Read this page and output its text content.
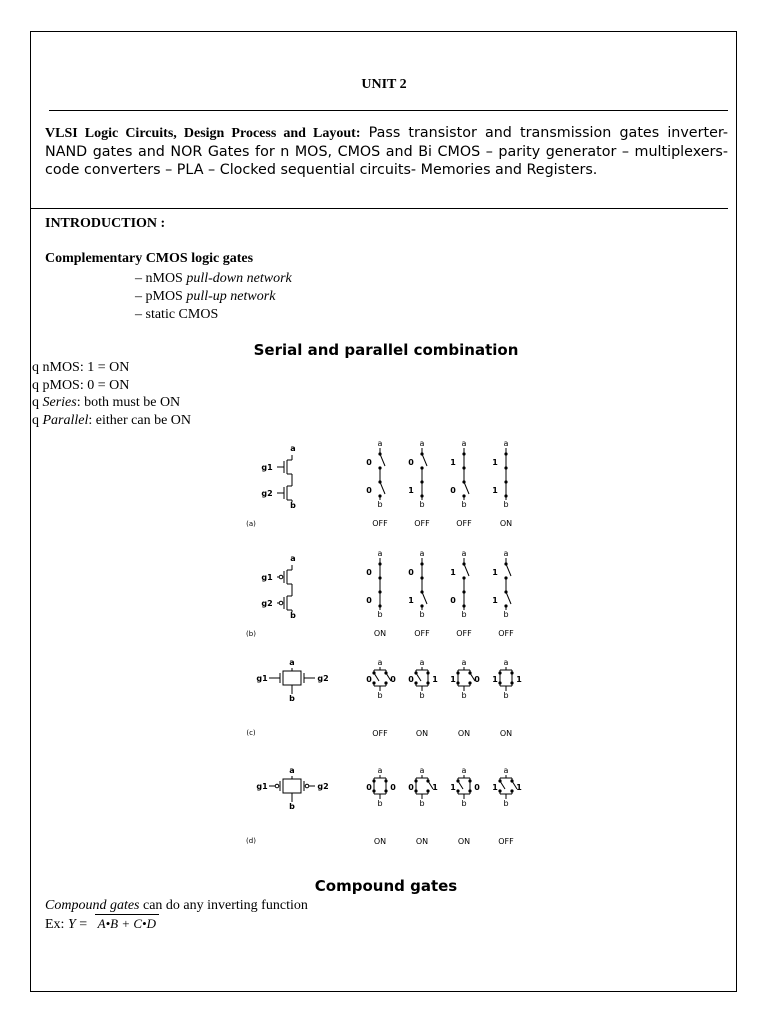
UNIT 2
VLSI Logic Circuits, Design Process and Layout: Pass transistor and transmission gates inverter- NAND gates and NOR Gates for n MOS, CMOS and Bi CMOS – parity generator – multiplexers- code converters – PLA – Clocked sequential circuits- Memories and Registers.
INTRODUCTION :
Complementary CMOS logic gates
– nMOS pull-down network
– pMOS pull-up network
– static CMOS
Serial and parallel combination
q nMOS: 1 = ON
q pMOS: 0 = ON
q Series: both must be ON
q Parallel: either can be ON
a
g1
g2
b
a
b
0
0
a
b
0
1
a
b
1
0
a
b
1
1
(a)	OFF	OFF	OFF	ON
a
g1
g2
b
a
b
0
0
a
b
0
1
a
b
1
0
a
b
1
1
(b)	ON	OFF	OFF	OFF
a
g1	g2
b
a
b
0 0
a
b
0 1
a
b
1 0
a
b
1 1
(c)	OFF	ON	ON	ON
a
g1	g2
b
a
b
0 0
a
b
0 1
a
b
1 0
a
b
1 1
(d)	ON	ON	ON	OFF
Compound gates
Compound gates can do any inverting function
Ex: Y = A•B + C•D
